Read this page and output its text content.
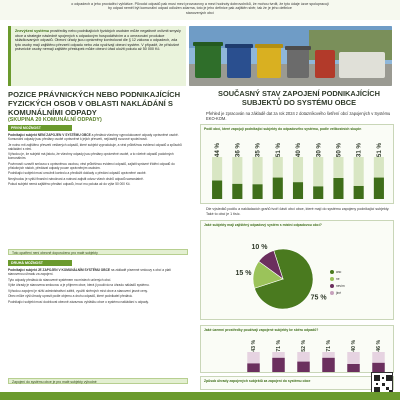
o odpadech a jeho prováděcí vyhlášce. Původci odpadů pak musí mezi provozovny a mezi hodnoty dobrovolníků, že mohou tvrdit, že tyto údaje úzce spolupracují
by odpad neměl být komunální odpad odložen zdarma, toto je jeho definice pak zajištěn sběr, tak že je jeho definice
stanovených obcí

Znevýšení systému prostředky nebo podnikajících fyzických osobám může negativně ovlivnit smysly obce a strategie následně spojených s odpadovým hospodářstvím a o omezování produkce skládkovaných odpadů. Obecní úřady jsou oprávněny kontrolovat dle § 12 zákona o odpadech, zda tyto osoby mají zajištěno převzetí odpadu nebo zda využívají obecní systém. V případě, že příslušné právnické osoby nemají zajištěn přestupek může obecní úřad uložit pokutu až 50 000 Kč.

POZICE PRÁVNICKÝCH NEBO PODNIKAJÍCÍCH FYZICKÝCH OSOB V OBLASTI NAKLÁDÁNÍ S KOMUNÁLNÍMI ODPADY
(SKUPINA 20 KOMUNÁLNÍ ODPADY)
PRVNÍ MOŽNOST
Podnikající subjekt NENÍ ZAPOJEN V SYSTÉMU OBCE a předává všechny vyprodukované odpady oprávněné osobě. Komunální odpady jsou předány osobě oprávněné k jejich převzetí, nejčastěji svozové společnosti.
Je nutno mít zajištěno převzetí veškerých odpadů, které subjekt vyprodukuje, a vést průběžnou evidenci odpadů a způsobů nakládání s nimi.
Výhodou je, že subjekt má jistotu, že všechny odpady jsou předány oprávněné osobě, a to včetně odpadů podobných komunálním.
Povinnosti: uzavřít smlouvu s oprávněnou osobou, vést průběžnou evidenci odpadů, zajistit správné třídění odpadů do příslušných nádob, předávat odpady pouze oprávněným osobám.
Podnikající subjekt musí umožnit kontrolu a předložit doklady o předání odpadů oprávněné osobě.
Nevýhodou je vyšší finanční náročnost a nutnost zajistit odvoz všech druhů odpadů samostatně.
Pokud subjekt nemá zajištěno předání odpadů, hrozí mu pokuta až do výše 50 000 Kč.
Toto opatření není obecně doporučeno pro malé subjekty
DRUHÁ MOŽNOST
Podnikající subjekt JE ZAPOJEN V KOMUNÁLNÍM SYSTÉMU OBCE na základě písemné smlouvy s obcí a platí stanovenou úhradu za zapojení.
Tyto odpady předává do stanovené systémem na místech určených obcí.
Výše úhrady je stanovena smlouvou a je příjmem obce, která ji používá na úhradu nákladů systému.
Výhodou zapojení je nižší administrativní zátěž, využití sběrných míst obce a stanovení jasné ceny.
Obec může výši úhrady upravit podle objemu a druhu odpadů, které podnikatel předává.
Podnikající subjekt musí dodržovat obecně závaznou vyhlášku obce o systému nakládání s odpady.
Zapojení do systému obce je pro malé subjekty výhodné
SOUČASNÝ STAV ZAPOJENÍ PODNIKAJÍCÍCH SUBJEKTŮ DO SYSTÉMU OBCE
Přehled je zpracován na základě dat za rok 2024 z dotazníkového šetření obcí zapojených v Systému EKO-KOM.
Podíl obcí, které zapojují podnikající subjekty do odpadového systému, podle velikostních skupin
44 % 36 % 35 % 51 % 40 % 30 % 50 % 31 % 51 %
Dle výsledků podílu a nakládacích graňů tvoří částí obcí obce, které mají do systému zapojeny podnikající subjekty. Také to obcí je 1 tisíc.
Jaké subjekty mají zajištěný odpadový systém s místní odpadovou obcí?
75 %
15 %
10 %
ano
ne
nevím
jiné
Jaké územní prostředky používají zapojené subjekty ke sběru odpadů?
43 %	71 %	52 %	71 %	40 %	46 %
Způsob úhrady zapojených subjektů za zapojení do systému obce
